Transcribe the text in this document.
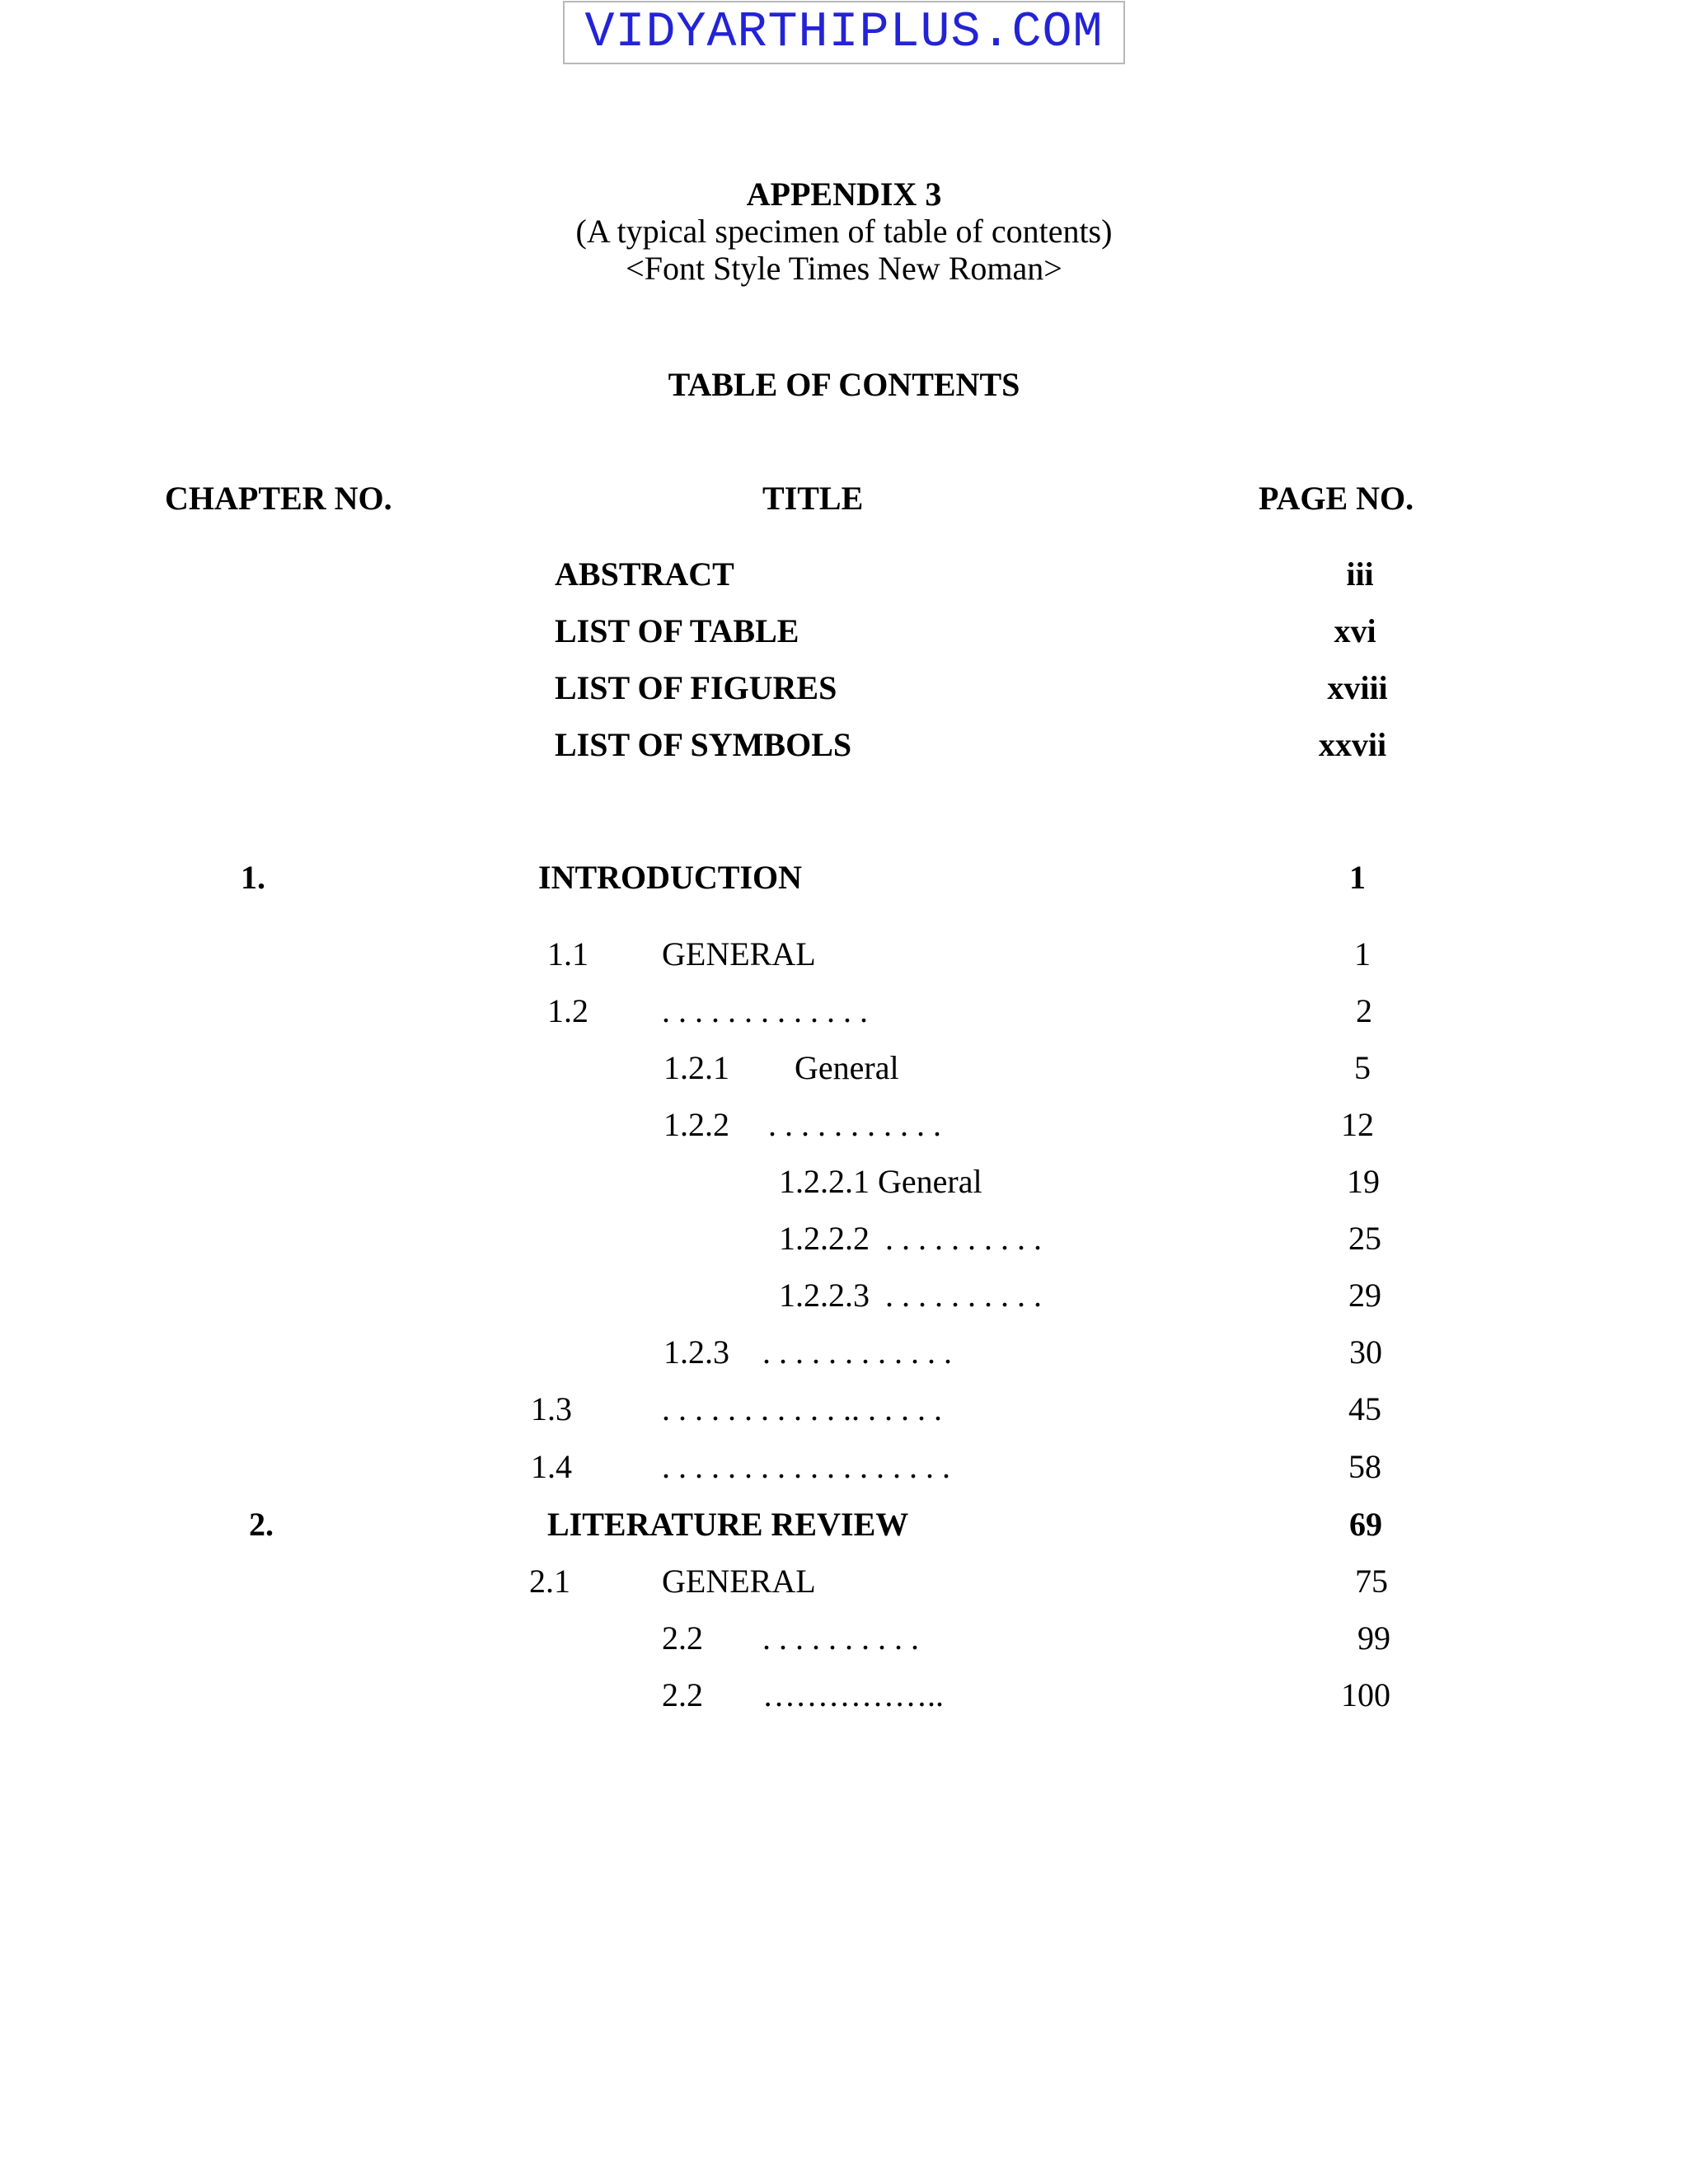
VIDYARTHIPLUS.COM
APPENDIX 3
(A typical specimen of table of contents)
<Font Style Times New Roman>
TABLE OF CONTENTS
CHAPTER NO.	TITLE	PAGE NO.
ABSTRACT	iii
LIST OF TABLE	xvi
LIST OF FIGURES	xviii
LIST OF SYMBOLS	xxvii
1.	INTRODUCTION	1
1.1 GENERAL	1
1.2 . . . . . . . . . . . . .	2
1.2.1 General	5
1.2.2 . . . . . . . . . . .	12
1.2.2.1 General	19
1.2.2.2 . . . . . . . . . .	25
1.2.2.3 . . . . . . . . . .	29
1.2.3 . . . . . . . . . . . .	30
1.3	. . . . . . . . . . . .. . . . . .	45
1.4	. . . . . . . . . . . . . . . . . .	58
2.	LITERATURE REVIEW	69
2.1	GENERAL	75
2.2 . . . . . . . . . .	99
2.2 ……………..	100
